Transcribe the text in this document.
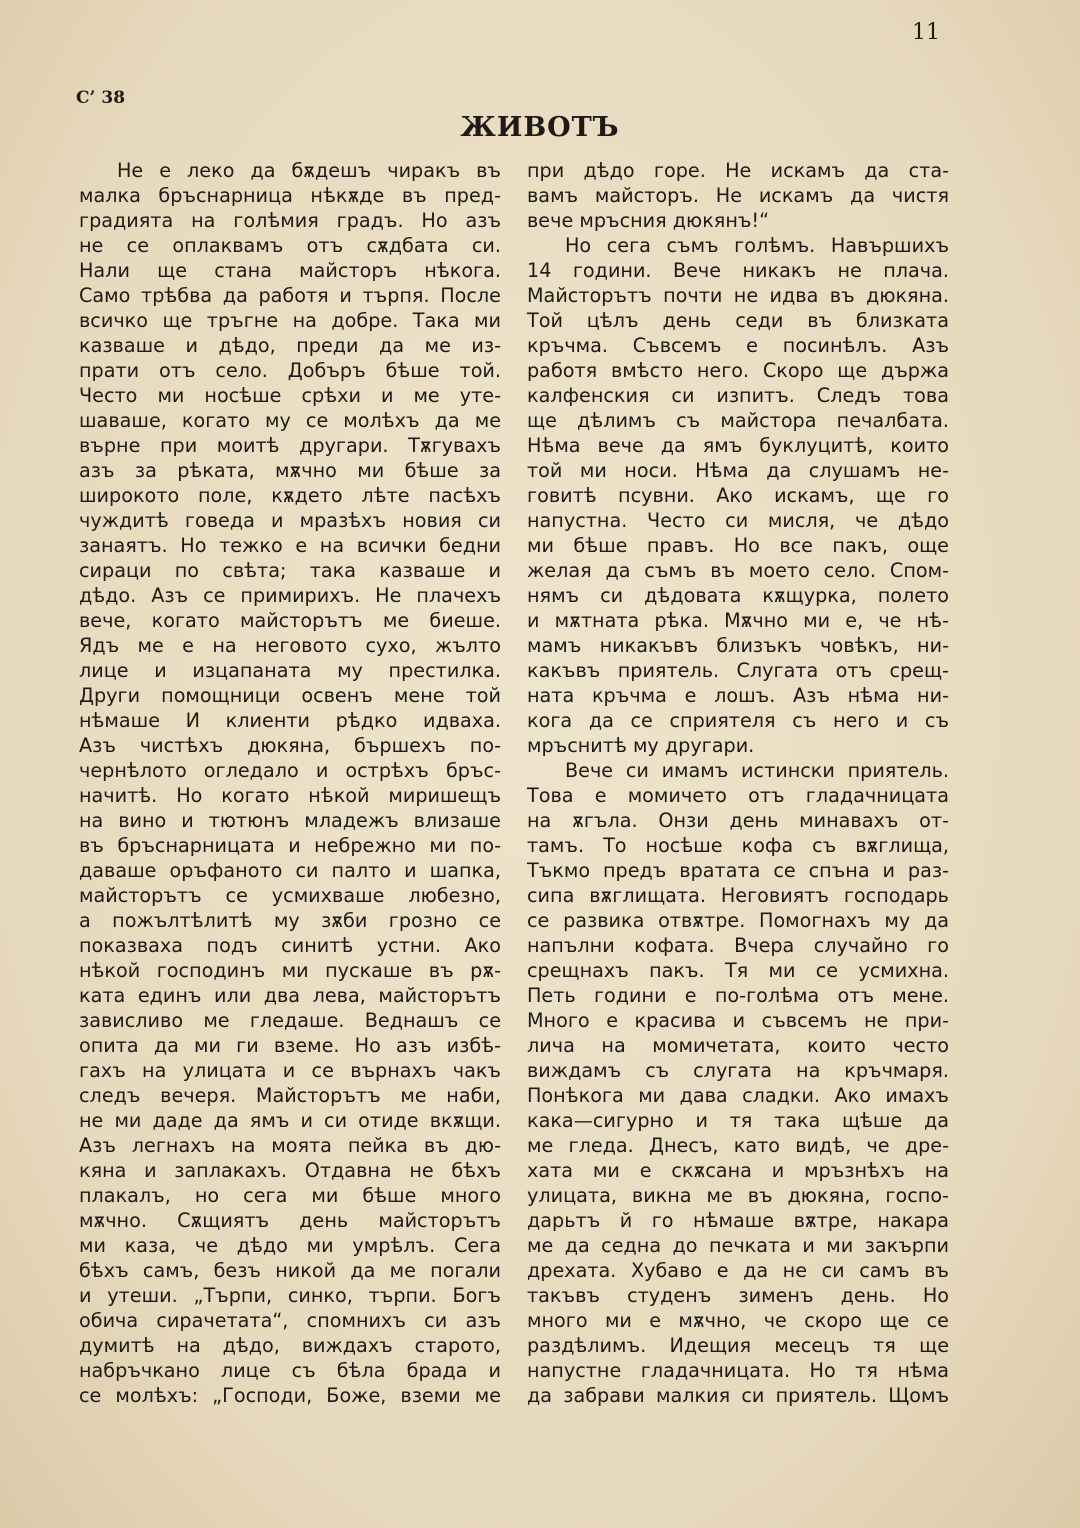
11
С’ 38
ЖИВОТЪ
Не е леко да бѫдешъ чиракъ въ
малка бръснарница нѣкѫде въ пред-
градията на голѣмия градъ. Но азъ
не се оплаквамъ отъ сѫдбата си.
Нали ще стана майсторъ нѣкога.
Само трѣбва да работя и търпя. После
всичко ще тръгне на добре. Така ми
казваше и дѣдо, преди да ме из-
прати отъ село. Добъръ бѣше той.
Често ми носѣше срѣхи и ме уте-
шаваше, когато му се молѣхъ да ме
върне при моитѣ другари. Тѫгувахъ
азъ за рѣката, мѫчно ми бѣше за
широкото поле, кѫдето лѣте пасѣхъ
чуждитѣ говеда и мразѣхъ новия си
занаятъ. Но тежко е на всички бедни
сираци по свѣта; така казваше и
дѣдо. Азъ се примирихъ. Не плачехъ
вече, когато майсторътъ ме биеше.
Ядъ ме е на неговото сухо, жълто
лице и изцапаната му престилка.
Други помощници освенъ мене той
нѣмаше И клиенти рѣдко идваха.
Азъ чистѣхъ дюкяна, бършехъ по-
чернѣлото огледало и острѣхъ бръс-
начитѣ. Но когато нѣкой миришещъ
на вино и тютюнъ младежъ влизаше
въ бръснарницата и небрежно ми по-
даваше оръфаното си палто и шапка,
майсторътъ се усмихваше любезно,
а пожълтѣлитѣ му зѫби грозно се
показваха подъ синитѣ устни. Ако
нѣкой господинъ ми пускаше въ рѫ-
ката единъ или два лева, майсторътъ
зависливо ме гледаше. Веднашъ се
опита да ми ги вземе. Но азъ избѣ-
гахъ на улицата и се върнахъ чакъ
следъ вечеря. Майсторътъ ме наби,
не ми даде да ямъ и си отиде вкѫщи.
Азъ легнахъ на моята пейка въ дю-
кяна и заплакахъ. Отдавна не бѣхъ
плакалъ, но сега ми бѣше много
мѫчно. Сѫщиятъ день майсторътъ
ми каза, че дѣдо ми умрѣлъ. Сега
бѣхъ самъ, безъ никой да ме погали
и утеши. „Търпи, синко, търпи. Богъ
обича сирачетата“, спомнихъ си азъ
думитѣ на дѣдо, виждахъ старото,
набръчкано лице съ бѣла брада и
се молѣхъ: „Господи, Боже, вземи ме
при дѣдо горе. Не искамъ да ста-
вамъ майсторъ. Не искамъ да чистя
вече мръсния дюкянъ!“
Но сега съмъ голѣмъ. Навършихъ
14 години. Вече никакъ не плача.
Майсторътъ почти не идва въ дюкяна.
Той цѣлъ день седи въ близката
кръчма. Съвсемъ е посинѣлъ. Азъ
работя вмѣсто него. Скоро ще държа
калфенския си изпитъ. Следъ това
ще дѣлимъ съ майстора печалбата.
Нѣма вече да ямъ буклуцитѣ, които
той ми носи. Нѣма да слушамъ не-
говитѣ псувни. Ако искамъ, ще го
напустна. Често си мисля, че дѣдо
ми бѣше правъ. Но все пакъ, още
желая да съмъ въ моето село. Спом-
нямъ си дѣдовата кѫщурка, полето
и мѫтната рѣка. Мѫчно ми е, че нѣ-
мамъ никакъвъ близъкъ човѣкъ, ни-
какъвъ приятель. Слугата отъ срещ-
ната кръчма е лошъ. Азъ нѣма ни-
кога да се сприятеля съ него и съ
мръснитѣ му другари.
Вече си имамъ истински приятель.
Това е момичето отъ гладачницата
на ѫгъла. Онзи день минавахъ от-
тамъ. То носѣше кофа съ вѫглища,
Тъкмо предъ вратата се спъна и раз-
сипа вѫглищата. Неговиятъ господарь
се развика отвѫтре. Помогнахъ му да
напълни кофата. Вчера случайно го
срещнахъ пакъ. Тя ми се усмихна.
Петь години е по-голѣма отъ мене.
Много е красива и съвсемъ не при-
лича на момичетата, които често
виждамъ съ слугата на кръчмаря.
Понѣкога ми дава сладки. Ако имахъ
кака—сигурно и тя така щѣше да
ме гледа. Днесъ, като видѣ, че дре-
хата ми е скѫсана и мръзнѣхъ на
улицата, викна ме въ дюкяна, госпо-
дарьтъ й го нѣмаше вѫтре, накара
ме да седна до печката и ми закърпи
дрехата. Хубаво е да не си самъ въ
такъвъ студенъ зименъ день. Но
много ми е мѫчно, че скоро ще се
раздѣлимъ. Идещия месецъ тя ще
напустне гладачницата. Но тя нѣма
да забрави малкия си приятель. Щомъ
